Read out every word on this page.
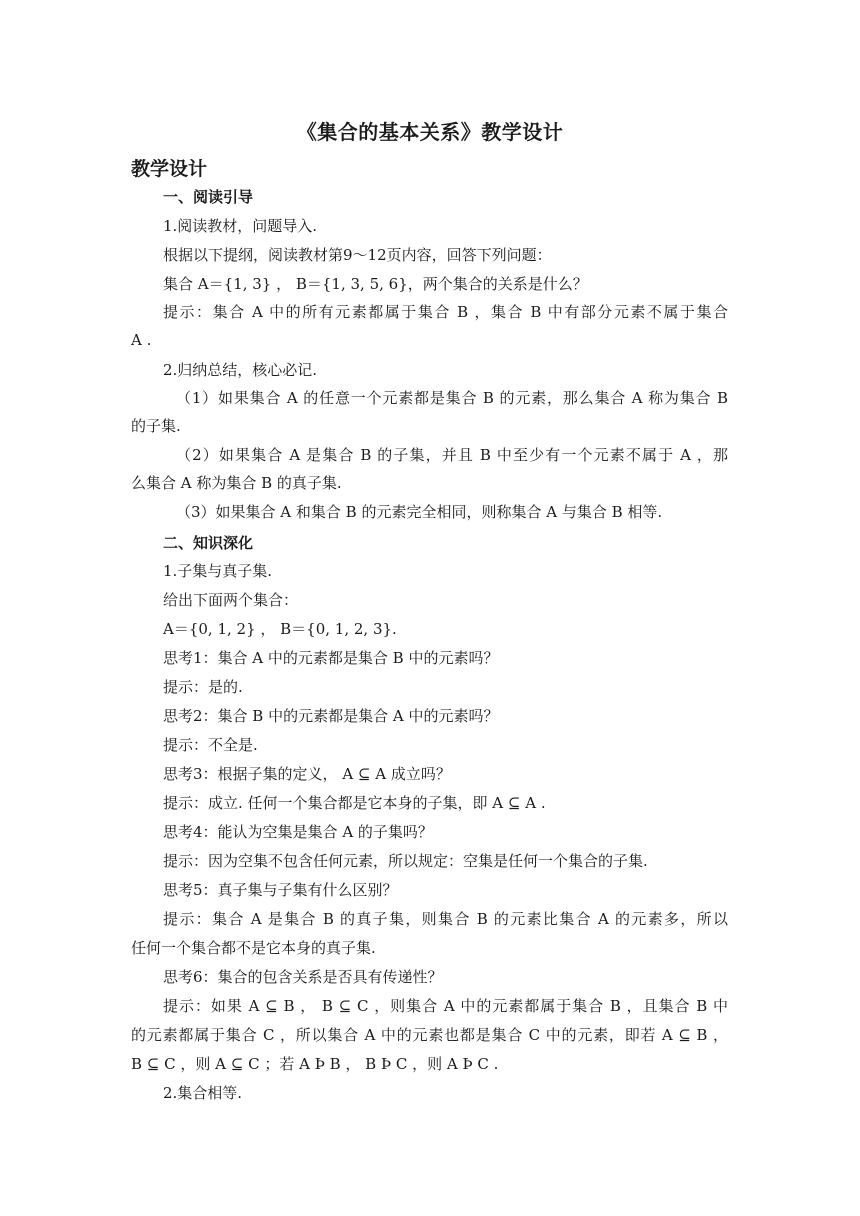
《集合的基本关系》教学设计
教学设计
一、阅读引导
1.阅读教材，问题导入.
根据以下提纲，阅读教材第9～12页内容，回答下列问题：
集合 A＝{1, 3} ， B＝{1, 3, 5, 6}，两个集合的关系是什么？
提示：集合 A 中的所有元素都属于集合 B ，集合 B 中有部分元素不属于集合
A .
2.归纳总结，核心必记.
（1）如果集合 A 的任意一个元素都是集合 B 的元素，那么集合 A 称为集合 B
的子集.
（2）如果集合 A 是集合 B 的子集，并且 B 中至少有一个元素不属于 A ，那
么集合 A 称为集合 B 的真子集.
（3）如果集合 A 和集合 B 的元素完全相同，则称集合 A 与集合 B 相等.
二、知识深化
1.子集与真子集.
给出下面两个集合：
A＝{0, 1, 2} ， B＝{0, 1, 2, 3}.
思考1：集合 A 中的元素都是集合 B 中的元素吗？
提示：是的.
思考2：集合 B 中的元素都是集合 A 中的元素吗？
提示：不全是.
思考3：根据子集的定义， A ⊆ A 成立吗？
提示：成立. 任何一个集合都是它本身的子集，即 A ⊆ A .
思考4：能认为空集是集合 A 的子集吗？
提示：因为空集不包含任何元素，所以规定：空集是任何一个集合的子集.
思考5：真子集与子集有什么区别？
提示：集合 A 是集合 B 的真子集，则集合 B 的元素比集合 A 的元素多，所以
任何一个集合都不是它本身的真子集.
思考6：集合的包含关系是否具有传递性？
提示：如果 A ⊆ B ， B ⊆ C ，则集合 A 中的元素都属于集合 B ，且集合 B 中
的元素都属于集合 C ，所以集合 A 中的元素也都是集合 C 中的元素，即若 A ⊆ B ，
B ⊆ C ，则 A ⊆ C ；若 A Þ B ， B Þ C ，则 A Þ C .
2.集合相等.
